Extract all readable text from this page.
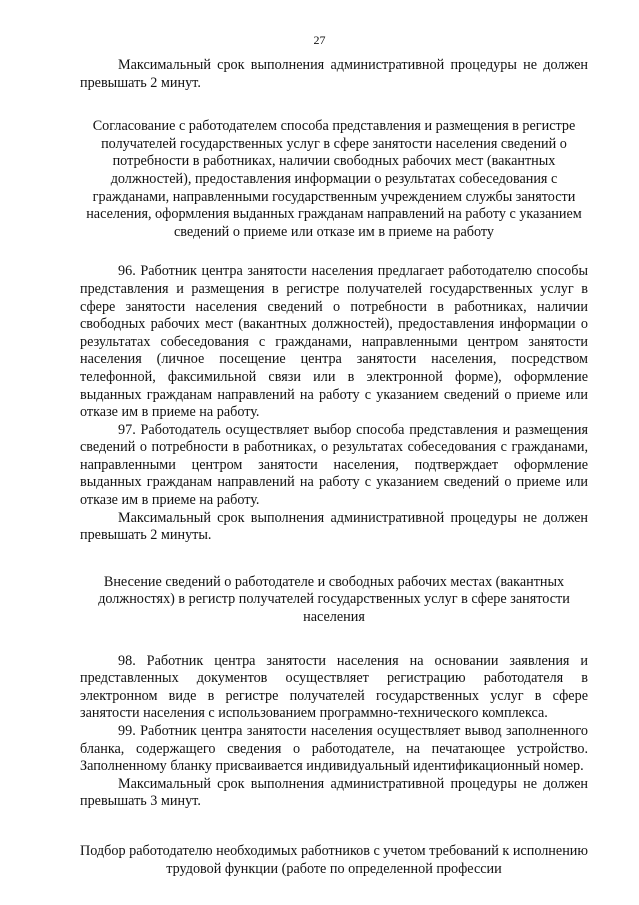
27

Максимальный срок выполнения административной процедуры не должен превышать 2 минут.

Согласование с работодателем способа представления и размещения в регистре получателей государственных услуг в сфере занятости населения сведений о потребности в работниках, наличии свободных рабочих мест (вакантных должностей), предоставления информации о результатах собеседования с гражданами, направленными государственным учреждением службы занятости населения, оформления выданных гражданам направлений на работу с указанием сведений о приеме или отказе им в приеме на работу

96. Работник центра занятости населения предлагает работодателю способы представления и размещения в регистре получателей государственных услуг в сфере занятости населения сведений о потребности в работниках, наличии свободных рабочих мест (вакантных должностей), предоставления информации о результатах собеседования с гражданами, направленными центром занятости населения (личное посещение центра занятости населения, посредством телефонной, факсимильной связи или в электронной форме), оформление выданных гражданам направлений на работу с указанием сведений о приеме или отказе им в приеме на работу.

97. Работодатель осуществляет выбор способа представления и размещения сведений о потребности в работниках, о результатах собеседования с гражданами, направленными центром занятости населения, подтверждает оформление выданных гражданам направлений на работу с указанием сведений о приеме или отказе им в приеме на работу.

Максимальный срок выполнения административной процедуры не должен превышать 2 минуты.

Внесение сведений о работодателе и свободных рабочих местах (вакантных должностях) в регистр получателей государственных услуг в сфере занятости населения

98. Работник центра занятости населения на основании заявления и представленных документов осуществляет регистрацию работодателя в электронном виде в регистре получателей государственных услуг в сфере занятости населения с использованием программно-технического комплекса.

99. Работник центра занятости населения осуществляет вывод заполненного бланка, содержащего сведения о работодателе, на печатающее устройство. Заполненному бланку присваивается индивидуальный идентификационный номер.

Максимальный срок выполнения административной процедуры не должен превышать 3 минут.

Подбор работодателю необходимых работников с учетом требований к исполнению трудовой функции (работе по определенной профессии
